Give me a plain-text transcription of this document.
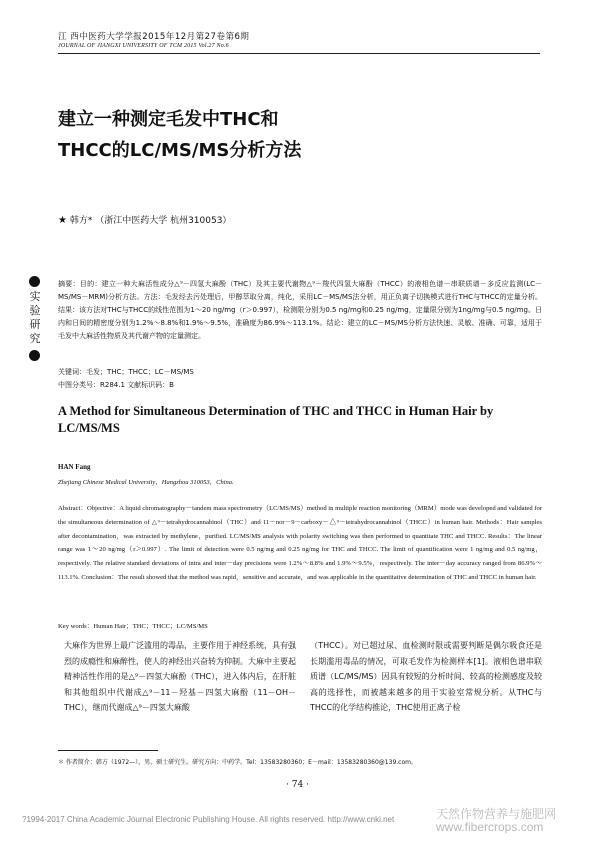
江 西中医药大学学报2015年12月第27卷第6期
JOURNAL OF JIANGXI UNIVERSITY OF TCM 2015 Vol.27 No.6
实验研究
建立一种测定毛发中THC和
THCC的LC/MS/MS分析方法
★ 韩方* （浙江中医药大学 杭州310053）
摘要：目的：建立一种大麻活性成分△⁹－四氢大麻酚（THC）及其主要代谢物△⁹－羧代四氢大麻酚（THCC）的液相色谱－串联质谱－多反应监测(LC－MS/MS－MRM)分析方法。方法：毛发经去污处理后，甲醇萃取分离，纯化，采用LC－MS/MS法分析，用正负离子切换模式进行THC与THCC的定量分析。结果：该方法对THC与THCC的线性范围为1～20 ng/mg（r＞0.997），检测限分别为0.5 ng/mg和0.25 ng/mg，定量限分别为1ng/mg与0.5 ng/mg。日内和日间的精密度分别为1.2%～8.8%和1.9%～9.5%，准确度为86.9%～113.1%。结论：建立的LC－MS/MS分析方法快速、灵敏、准确、可靠，适用于毛发中大麻活性物质及其代谢产物的定量测定。
关键词：毛发；THC；THCC；LC－MS/MS
中图分类号：R284.1 文献标识码：B
A Method for Simultaneous Determination of THC and THCC in Human Hair by LC/MS/MS
HAN Fang
Zhejiang Chinese Medical University，Hangzhou 310053，China.
Abstract：Objective：A liquid chromatography－tandem mass spectrometry（LC/MS/MS）method in multiple reaction monitoring（MRM）mode was developed and validated for the simultaneous determination of △⁹－tetrahydrocannabinol（THC）and 11－nor－9－carboxy－△⁹－tetrahydrocannabinol（THCC）in human hair. Methods：Hair samples after decontamination，was extracted by methylene，purified. LC/MS/MS analysis with polarity switching was then performed to quantitate THC and THCC. Results：The linear range was 1～20 ng/mg（r＞0.997）. The limit of detection were 0.5 ng/mg and 0.25 ng/mg for THC and THCC. The limit of quantification were 1 ng/mg and 0.5 ng/mg，respectively. The relative standard deviations of intra and inter－day precisions were 1.2%～8.8% and 1.9%～9.5%，respectively. The inter－day accuracy ranged from 86.9%～113.1%. Conclusion：The result showed that the method was rapid，sensitive and accurate，and was applicable in the quantitative determination of THC and THCC in human hair.
Key words：Human Hair；THC；THCC；LC/MS/MS
大麻作为世界上最广泛滥用的毒品，主要作用于神经系统，具有强烈的成瘾性和麻醉性，使人的神经出兴奋转为抑制。大麻中主要起精神活性作用的是△⁹－四氢大麻酚（THC），进入体内后，在肝脏和其他组织中代谢成△⁹－11－羟基－四氢大麻酚（11－OH－THC），继而代谢成△⁹－四氢大麻酸
（THCC）。对已超过尿、血检测时限或需要判断是偶尔吸食还是长期滥用毒品的情况，可取毛发作为检测样本[1]。液相色谱串联质谱（LC/MS/MS）因具有较短的分析时间、较高的检测感度及较高的选择性，而被越来越多的用于实验室常规分析。从THC与THCC的化学结构推论，THC使用正离子检
＊ 作者简介：韩方（1972—），男，硕士研究生。研究方向：中药学。Tel：13583280360；E－mail：13583280360@139.com。
· 74 ·
?1994-2017 China Academic Journal Electronic Publishing House. All rights reserved. http://www.cnki.net	天然作物营养与施肥网 www.fibercrops.com
